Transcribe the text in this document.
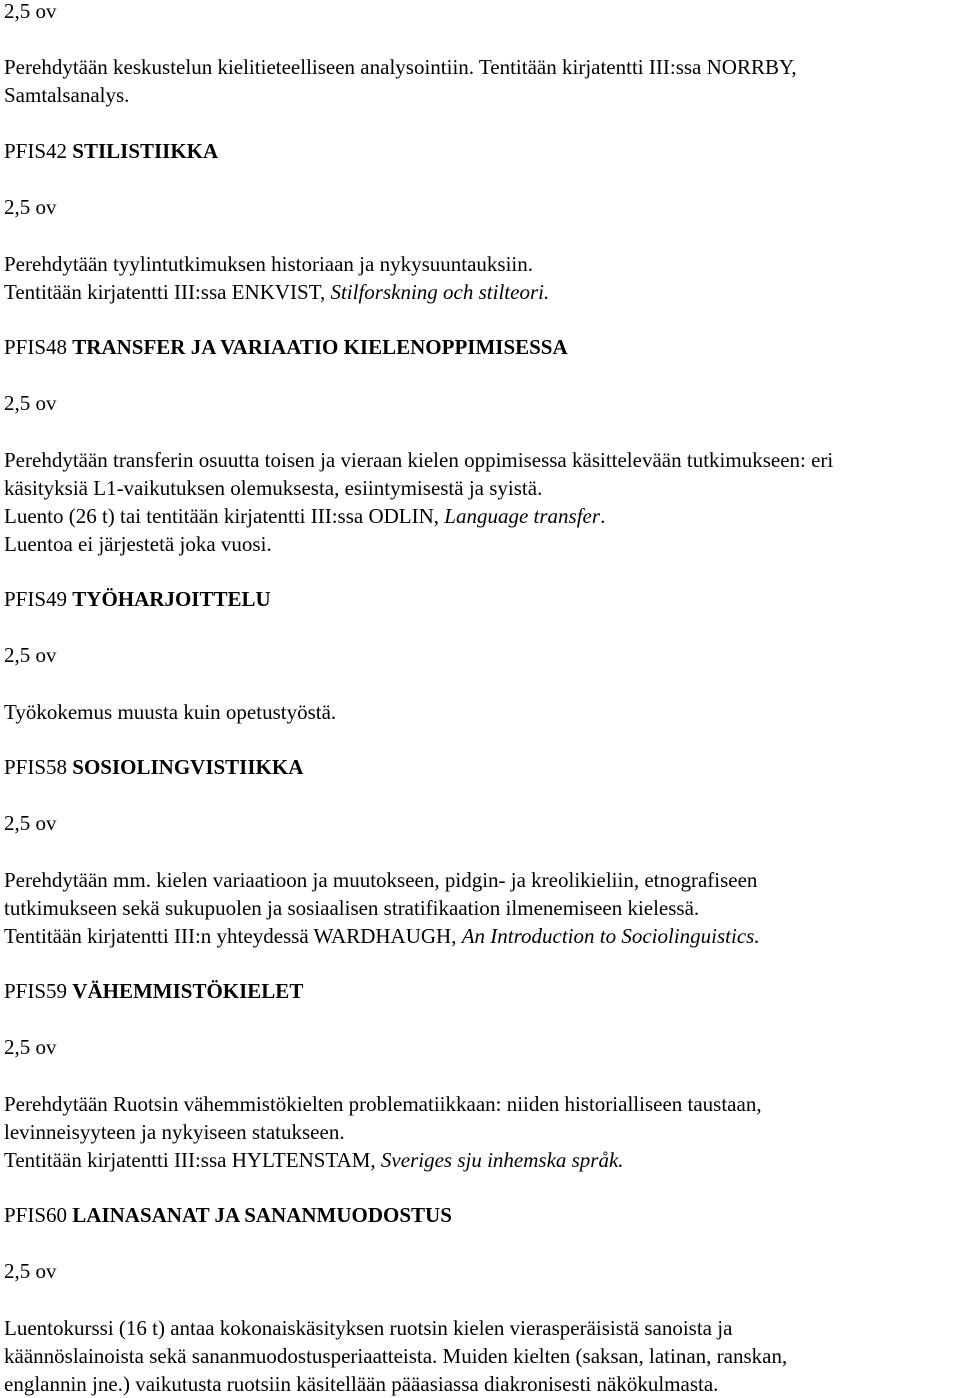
2,5 ov
Perehdytään keskustelun kielitieteelliseen analysointiin. Tentitään kirjatentti III:ssa NORRBY,
Samtalsanalys.
PFIS42 STILISTIIKKA
2,5 ov
Perehdytään tyylintutkimuksen historiaan ja nykysuuntauksiin.
Tentitään kirjatentti III:ssa ENKVIST, Stilforskning och stilteori.
PFIS48 TRANSFER JA VARIAATIO KIELENOPPIMISESSA
2,5 ov
Perehdytään transferin osuutta toisen ja vieraan kielen oppimisessa käsittelevään tutkimukseen: eri
käsityksiä L1-vaikutuksen olemuksesta, esiintymisestä ja syistä.
Luento (26 t) tai tentitään kirjatentti III:ssa ODLIN, Language transfer.
Luentoa ei järjestetä joka vuosi.
PFIS49 TYÖHARJOITTELU
2,5 ov
Työkokemus muusta kuin opetustyöstä.
PFIS58 SOSIOLINGVISTIIKKA
2,5 ov
Perehdytään mm. kielen variaatioon ja muutokseen, pidgin- ja kreolikieliin, etnografiseen
tutkimukseen sekä sukupuolen ja sosiaalisen stratifikaation ilmenemiseen kielessä.
Tentitään kirjatentti III:n yhteydessä WARDHAUGH, An Introduction to Sociolinguistics.
PFIS59 VÄHEMMISTÖKIELET
2,5 ov
Perehdytään Ruotsin vähemmistökielten problematiikkaan: niiden historialliseen taustaan,
levinneisyyteen ja nykyiseen statukseen.
Tentitään kirjatentti III:ssa HYLTENSTAM, Sveriges sju inhemska språk.
PFIS60 LAINASANAT JA SANANMUODOSTUS
2,5 ov
Luentokurssi (16 t) antaa kokonaiskäsityksen ruotsin kielen vierasperäisistä sanoista ja
käännöslainoista sekä sananmuodostusperiaatteista. Muiden kielten (saksan, latinan, ranskan,
englannin jne.) vaikutusta ruotsiin käsitellään pääasiassa diakronisesti näkökulmasta.
